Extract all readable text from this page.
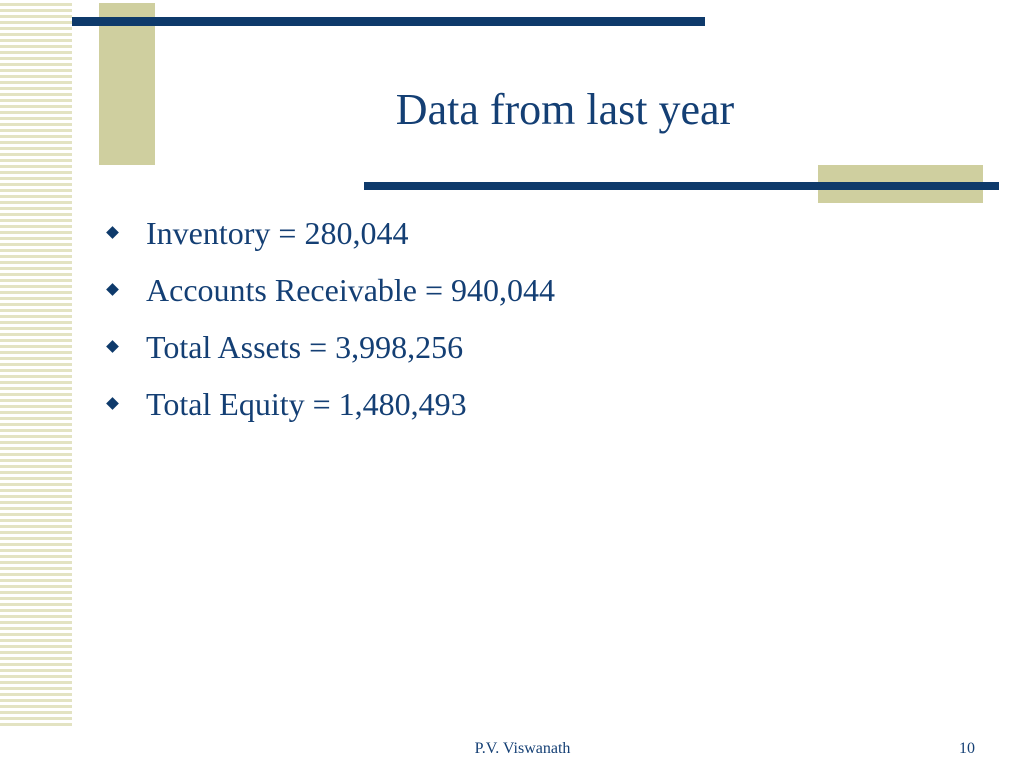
Data from last year
Inventory = 280,044
Accounts Receivable = 940,044
Total Assets = 3,998,256
Total Equity = 1,480,493
P.V. Viswanath	10
